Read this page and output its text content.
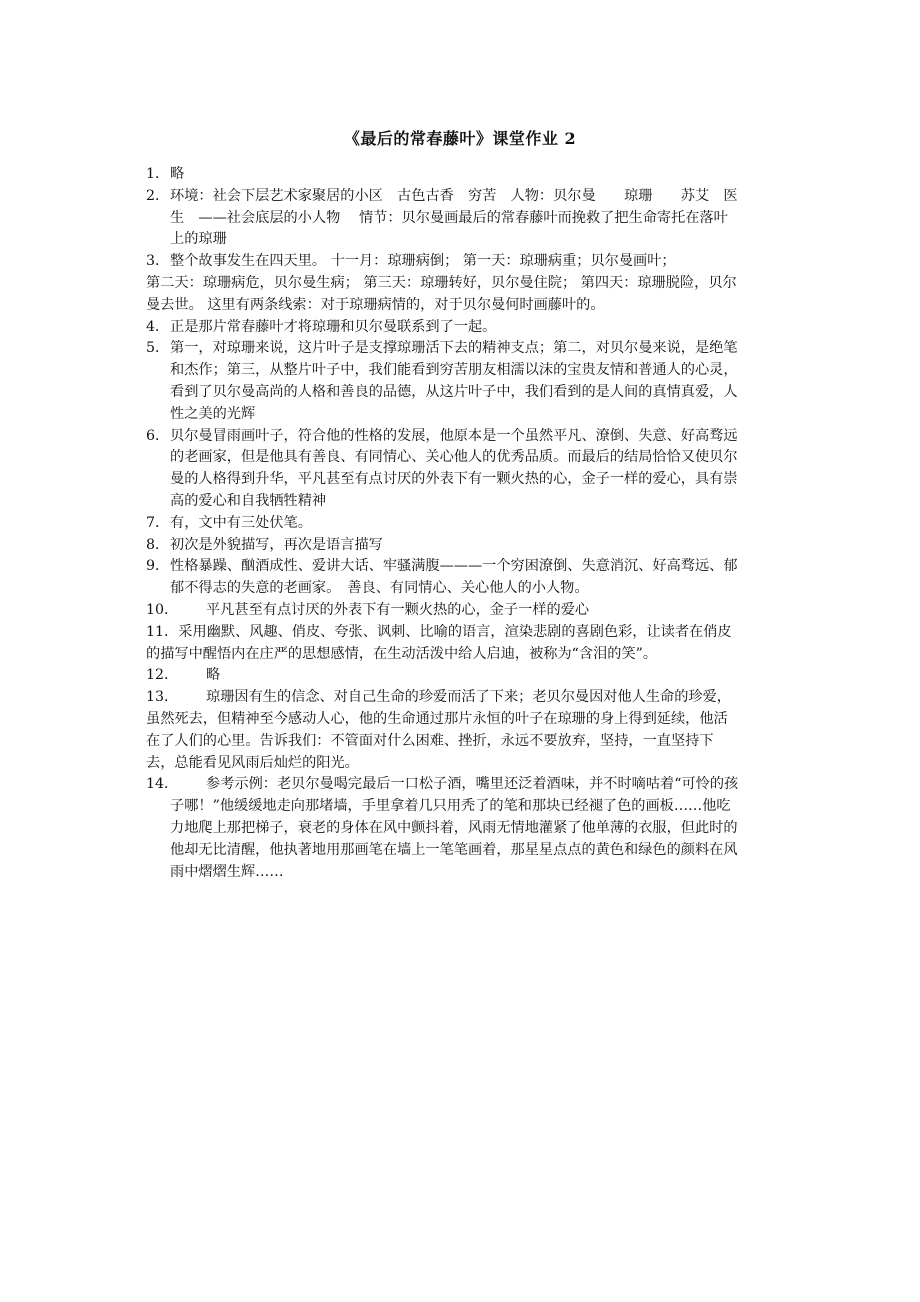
《最后的常春藤叶》课堂作业 2
1． 略
2． 环境：社会下层艺术家聚居的小区　古色古香　穷苦　人物：贝尔曼　　琼珊　　苏艾　医生　——社会底层的小人物　 情节：贝尔曼画最后的常春藤叶而挽救了把生命寄托在落叶上的琼珊
3． 整个故事发生在四天里。 十一月：琼珊病倒； 第一天：琼珊病重；贝尔曼画叶；
第二天：琼珊病危，贝尔曼生病； 第三天：琼珊转好，贝尔曼住院； 第四天：琼珊脱险，贝尔曼去世。 这里有两条线索：对于琼珊病情的，对于贝尔曼何时画藤叶的。
4． 正是那片常春藤叶才将琼珊和贝尔曼联系到了一起。
5． 第一，对琼珊来说，这片叶子是支撑琼珊活下去的精神支点；第二，对贝尔曼来说，是绝笔和杰作；第三，从整片叶子中，我们能看到穷苦朋友相濡以沫的宝贵友情和普通人的心灵，看到了贝尔曼高尚的人格和善良的品德，从这片叶子中，我们看到的是人间的真情真爱，人性之美的光辉
6． 贝尔曼冒雨画叶子，符合他的性格的发展，他原本是一个虽然平凡、潦倒、失意、好高骛远的老画家，但是他具有善良、有同情心、关心他人的优秀品质。而最后的结局恰恰又使贝尔曼的人格得到升华，平凡甚至有点讨厌的外表下有一颗火热的心，金子一样的爱心，具有崇高的爱心和自我牺牲精神
7． 有，文中有三处伏笔。
8． 初次是外貌描写，再次是语言描写
9． 性格暴躁、酗酒成性、爱讲大话、牢骚满腹———一个穷困潦倒、失意消沉、好高骛远、郁郁不得志的失意的老画家。　善良、有同情心、关心他人的小人物。
10．	平凡甚至有点讨厌的外表下有一颗火热的心，金子一样的爱心
11．采用幽默、风趣、俏皮、夸张、讽刺、比喻的语言，渲染悲剧的喜剧色彩，让读者在俏皮的描写中醒悟内在庄严的思想感情，在生动活泼中给人启迪，被称为“含泪的笑”。
12．	略
13． 琼珊因有生的信念、对自己生命的珍爱而活了下来；老贝尔曼因对他人生命的珍爱，虽然死去，但精神至今感动人心，他的生命通过那片永恒的叶子在琼珊的身上得到延续，他活在了人们的心里。告诉我们：不管面对什么困难、挫折，永远不要放弃，坚持，一直坚持下去，总能看见风雨后灿烂的阳光。
14． 参考示例：老贝尔曼喝完最后一口松子酒，嘴里还泛着酒味，并不时嘀咕着“可怜的孩子哪！”他缓缓地走向那堵墙，手里拿着几只用秃了的笔和那块已经褪了色的画板……他吃力地爬上那把梯子，衰老的身体在风中颤抖着，风雨无情地灌紧了他单薄的衣服，但此时的他却无比清醒，他执著地用那画笔在墙上一笔笔画着，那星星点点的黄色和绿色的颜料在风雨中熠熠生辉……
